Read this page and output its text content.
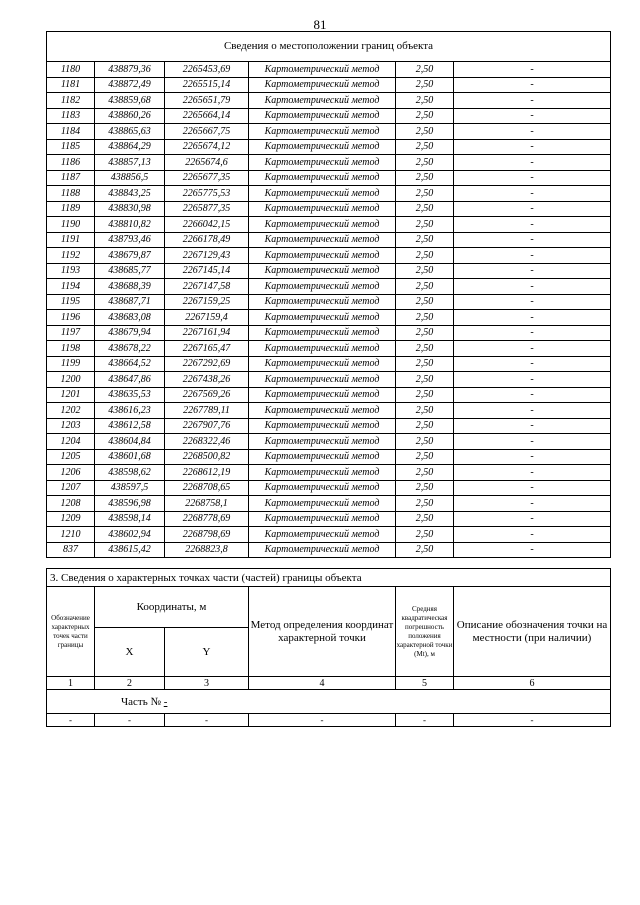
81
Сведения о местоположении границ объекта					
1180	438879,36	2265453,69	Картометрический метод	2,50	-
1181	438872,49	2265515,14	Картометрический метод	2,50	-
1182	438859,68	2265651,79	Картометрический метод	2,50	-
1183	438860,26	2265664,14	Картометрический метод	2,50	-
1184	438865,63	2265667,75	Картометрический метод	2,50	-
1185	438864,29	2265674,12	Картометрический метод	2,50	-
1186	438857,13	2265674,6	Картометрический метод	2,50	-
1187	438856,5	2265677,35	Картометрический метод	2,50	-
1188	438843,25	2265775,53	Картометрический метод	2,50	-
1189	438830,98	2265877,35	Картометрический метод	2,50	-
1190	438810,82	2266042,15	Картометрический метод	2,50	-
1191	438793,46	2266178,49	Картометрический метод	2,50	-
1192	438679,87	2267129,43	Картометрический метод	2,50	-
1193	438685,77	2267145,14	Картометрический метод	2,50	-
1194	438688,39	2267147,58	Картометрический метод	2,50	-
1195	438687,71	2267159,25	Картометрический метод	2,50	-
1196	438683,08	2267159,4	Картометрический метод	2,50	-
1197	438679,94	2267161,94	Картометрический метод	2,50	-
1198	438678,22	2267165,47	Картометрический метод	2,50	-
1199	438664,52	2267292,69	Картометрический метод	2,50	-
1200	438647,86	2267438,26	Картометрический метод	2,50	-
1201	438635,53	2267569,26	Картометрический метод	2,50	-
1202	438616,23	2267789,11	Картометрический метод	2,50	-
1203	438612,58	2267907,76	Картометрический метод	2,50	-
1204	438604,84	2268322,46	Картометрический метод	2,50	-
1205	438601,68	2268500,82	Картометрический метод	2,50	-
1206	438598,62	2268612,19	Картометрический метод	2,50	-
1207	438597,5	2268708,65	Картометрический метод	2,50	-
1208	438596,98	2268758,1	Картометрический метод	2,50	-
1209	438598,14	2268778,69	Картометрический метод	2,50	-
1210	438602,94	2268798,69	Картометрический метод	2,50	-
837	438615,42	2268823,8	Картометрический метод	2,50	-
3. Сведения о характерных точках части (частей) границы объекта					
Обозначение характерных точек части границы	Координаты, м		Метод определения координат характерной точки	Средняя квадратическая погрешность положения характерной точки (Мt), м	Описание обозначения точки на местности (при наличии)
	X	Y			
1	2	3	4	5	6
Часть № -					
-	-	-	-	-	-
